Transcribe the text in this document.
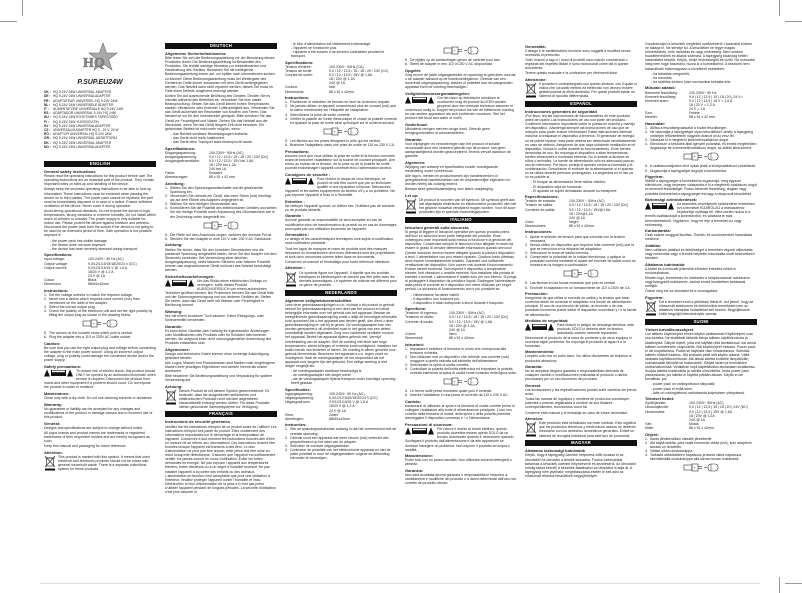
HQ
P.SUP.EU24W
UK : HQ 9-24V 24W UNIVERSAL ADAPTER
DE : HQ 9-24V 24W UNIVERSALADAPTER
FR : ADAPTATEUR UNIVERSEL HQ 9-24V 24W
NL : HQ 9-24V 24W UNIVERSELE ADAPTER
IT :	ALIMENTATORE UNIVERSALE HQ 9-24V 24W
ES : ADAPTADOR UNIVERSAL 9-24V HQ 24W
HU : HQ 9-24V 24W EGYETEMES TÁPEGYSÉG
FI :	HQ 9-24V 24W YLEISSOVITIN
SV : HQ 9-24V 24W UNIVERSALADAPTER
CZ : UNIVERZÁLNÍ ADAPTÉR HQ 9 - 24 V, 24 W
RO : ADAPTOR UNIVERSAL HQ 9-24V 24W
GR : HQ 9-24V 24W UNIVERSAL ΑΝΤΑΠΤΟΡΑΣ
DK : HQ 9-24V 24W UNIVERSAL ADAPTER
NO : HQ 9-24V 24W UNIVERSALADAPTER
ENGLISH
General safety instructions
Please read the operating instructions for this product before use! The operating instructions are an essential part of the product. They contain important notes on start-up and handling of the device.
Always keep the enclosed operating instructions to be able to look up information! These instructions must be enclosed when passing the device on to third parties. The power pack cannot be repaired; the part must be immediately disposed of in case of a defect. Ensure sufficient ventilation of the device. Never cover it during operation.
Avoid strong operational demands. Do not expose the device to high temperatures, strong vibrations or extreme humidity. Do not install within reach of children or animals. The power supply is only suitable for indoor use. Please protect the device against moisture and wetness. Disconnect the power pack from the socket if the device is not going to be used for an extended period of time. Safe operation is not possible anymore if:
- the power pack has visible damage
- the device does not work anymore
- the device has been severely stressed during transport.
Specifications:
Input voltage:	100-240V~ 50 Hz (AC)
Output voltage:	9.0/12/13.5/15/18/20/24 V (DC)
Output current:	9.0/12/13.5/15 V @ 1.6 A
18/20 V @ 1.2 A
24 V @ 1A
Colour:	Black
Dimension:	88x51x42mm
Instructions:
1. Set the voltage selector to match the required voltage.
2. Never use a device which requires more current (mA) than mentioned on the label of the adapter.
3. Select the correct output plug.
4. Check the polarity of the electronic unit and set the right polarity by fitting the output plug as shown in the drawing below.
+	-
5. The arrows on the sockets show which pole is central.
6. Plug the adapter into a 110 or 230V AC outlet socket.
Caution:
Be sure that you use the right output plug and voltage before connecting the adapter to the main power source. Using an incorrect output voltage, plug or polarity could damage the connected device and/or the power supply.
Safety precautions:
To reduce risk of electric shock, this product should ONLY be opened by an authorized technician when service is required. Disconnect the product from mains and other equipment if a problem should occur. Do not expose the product to water or moisture.
Maintenance:
Clean only with a dry cloth. Do not use cleaning solvents or abrasives.
Warranty:
No guarantee or liability can be accepted for any changes and modifications of the product or damage caused due to incorrect use of this product.
General:
Designs and specifications are subject to change without notice.
All logos brands and product names are trademarks or registered trademarks of their respective holders and are hereby recognized as such.
Keep this manual and packaging for future reference.
Attention:
This product is marked with this symbol. It means that used electrical and electronic products should not be mixed with general household waste. There is a separate collections system for these products.
DEUTSCH
Allgemeine Sicherheitshinweise
Bitte lesen Sie sich die Bedienungsanleitung vor der Benutzung dieses Produktes durch! Die Bedienungsanleitung ist Bestandteil des Produktes. Sie enthält wichtige Hinweise zur Inbetriebnahme und Handhabung des Gerätes. Bewahren Sie die beiliegende Bedienungsanleitung immer auf, um später nach Informationen suchen zu können! Diese Bedienungsanleitung muss bei Weitergabe des Gerätes an Dritte immer zusammen mit dem Gerät weitergegeben werden. Das Netzteil kann nicht repariert werden; dieses Teil muss im Falle eines Defekts umgehend entsorgt werden.
Achten Sie auf ausreichende Belüftung des Gerätes. Decken Sie es niemals während des Betriebes ab. Vermeiden Sie eine starke Beanspruchung. Setzen Sie das Gerät keinen hohen Temperaturen, starken Vibrationen oder extremer Luftfeuchtigkeit aus. Verwenden Sie das Gerät außerhalb der Reichweite von Kindern und Tieren. Das Netzteil ist nur für den Innenbereich geeignet. Bitte schützen Sie das Gerät vor Feuchtigkeit und Nässe. Ziehen Sie das Netzteil aus der Steckdose, wenn Sie das Gerät längere Zeit nicht benutzen. Ein gefahrloser Betrieb ist nicht mehr möglich, wenn:
- das Netzteil sichtbare Beschädigungen aufweist,
- das Gerät nicht mehr funktioniert,
- das Gerät beim Transport stark beansprucht wurde.
Spezifikationen:
Eingangsspannung:	100-230V~ 50Hz (AC)
Ausgangsspannung:	9,0 / 12 / 13,5 / 15 / 18 / 20 / 24V (DC)
Ausgangsstromstärke:	9,0 / 12 / 13,5 / 15V bei 1,6A
18 / 20V bei 1,2A
24V bei 1A
Farbe:	Schwarz
Abmessungen:	88 x 51 x 42 mm
Anleitung:
1. Stellen Sie den Spannungswahlschalter auf die gewünschte Spannung ein.
2. Verwenden Sie niemals ein Gerät, das mehr Strom (mA) benötigt, als auf dem Etikett des Adapters angegeben ist.
3. Wählen Sie den richtigen Stromstecker aus.
4. Kontrollieren Sie die Polarität des elektronischen Gerätes und stellen Sie die richtige Polarität durch Anpassung des Stromsteckers wie in der Zeichnung unten dargestellt ein.
+	-
5. Die Pfeile auf dem Anschluss zeigen, welches der zentrale Pol ist.
6. Stecken Sie den Adapter in eine 110 V oder 230 V AC Steckdose.
Achtung:
Stellen Sie sicher, dass Sie den korrekten Stromstecker und die passende Spannung ausgewählt haben, bevor Sie den Adapter mit dem Stromnetz verbinden. Bei Verwendung einer falschen Ausgangsspannung, eines falschen Steckers oder falscher Polarität können das angeschlossene Gerät und/oder das Netzteil beschädigt werden.
Sicherheitsvorkehrungen:
Um das Risiko eines elektrischen Schlags zu verringern, sollte dieses Produkt AUSSCHLIESSLICH von einem autorisierten Techniker geöffnet werden. Bei Problemen trennen Sie das Gerät bitte von der Spannungsversorgung und von anderen Geräten ab. Stellen Sie sicher, dass das Gerät nicht mit Wasser oder Feuchtigkeit in Berührung kommt.
Wartung:
Nur mit einem trockenen Tuch säubern. Keine Reinigungs- oder Scheuermittel verwenden.
Garantie:
Es kann keine Garantie oder Haftung für irgendwelche Änderungen oder Modifikationen des Produkts oder für Schäden übernommen werden, die aufgrund einer nicht ordnungsgemäßen Anwendung des Produkts entstanden sind.
Allgemeines:
Design und technische Daten können ohne vorherige Ankündigung geändert werden.
Alle Logos, Marken und Produktnamen sind Marken oder eingetragene Marken ihrer jeweiligen Eigentümer und werden hiermit als solche anerkannt.
Bitte bewahren Sie Bedienungsanleitung und Verpackung für spätere Verwendung auf.
Achtung:
Dieses Produkt ist mit diesem Symbol gekennzeichnet. Es bedeutet, dass die ausgedienten elektrischen und elektronischen Produkte nicht mit dem allgemeinen Haushaltsmüll entsorgt werden dürfen. Für diese Produkte stehen gesonderte Sammelsysteme zur Verfügung.
FRANÇAIS
Instructions de sécurité générales
Veuillez lire les instructions d'emploi de ce produit avant de l'utiliser! Les instructions d'emploi font partie du produit. Elles contiennent des informations importantes sur le démarrage et la manipulation de l'appareil. Conservez à tout moment les instructions fournies afin d'être en mesure de se référer aux informations! Ces instructions doivent être fournies lorsque l'appareil est transmis à des tiers. Le bloc d'alimentation ne peut pas être réparé; cette pièce doit être mise au rebut lorsqu'elle défectueuse. S'assurer que l'appareil est suffisamment ventilé. Ne jamais couvrir en cours d'utilisation. Éviter les fortes demandes en énergie. Ne pas exposer l'appareil aux températures élevées, fortes vibrations ou à un degré d'humidité excessif. Ne pas installer l'appareil à la portée des enfants ou des animaux. L'alimentation en tension n'est acceptable que pour une utilisation à l'intérieur. Veuillez protéger l'appareil contre l'humidité et l'eau. Débranchez le bloc d'alimentation de la prise s'il n'est pas prévu d'utiliser l'appareil pendant de longues périodes. La sécurité d'utilisation n'est plus assurée si:
- le bloc d'alimentation est visiblement endommagé
- l'appareil ne fonctionne plus
- l'appareil a été soumis à de sévères contraintes pendant le transport.
Spécifications:
Tension d'entrée:	100-230V~ 50Hz (CA)
Tension de sortie:	9,0 / 12 / 13,5 / 15 / 18 / 20 / 24V (CC)
Courant de sortie:	9,0 / 12 / 13,5 / 15V @ 1,6A
18 / 20V @ 1,2A
24V @ 1A
Couleur:	Noir
Dimensions:	88 x 51 x 42mm
Instructions:
1. Positionner le sélecteur de tension en face de la tension requise.
2. Ne jamais utiliser un appareil consommant plus de courant (mA) que la valeur mentionnée sur l'étiquette de l'adaptateur.
3. Sélectionner la prise de sortie correcte.
4. Vérifier la polarité de l'unité électronique et choisir la polarité correcte en ajustant la prise de sortie ainsi qu'indiqué sur le schéma suivant:
+	-
5. Les flèches sur les prises désignent le pôle qui est central.
6. Brancher l'adaptateur dans une prise de sortie de 110 ou 230 V CA.
Précautions:
Assurez-vous que vous utilisez la prise de sortie et la tension correctes avant de brancher l'adaptateur sur la source de courant principale. Une erreur au niveau de la tension, de la prise ou de la polarité de sortie pourrait endommager l'appareil connecté et/ou l'alimentation secteur.
Consignes de sécurité :
Pour réduire le risque de choc électrique, ce produit ne doit être ouvert que par un technicien qualifié si une réparation s'impose. Débranchez l'appareil et les autres équipements du secteur s'il y a un problème. Ne pas exposer l'appareil à l'eau ni à l'humidité.
Entretien :
Ne nettoyer l'appareil qu'avec un chiffon sec. N'utilisez pas de solvants ou de produits abrasifs.
Garantie :
Aucune garantie ou responsabilité ne sera acceptée en cas de modification et/ou de transformation du produit ou en cas de dommages provoqués par une utilisation incorrecte de l'appareil.
Généralités :
Le design et les caractéristiques techniques sont sujets à modification sans notification préalable.
Tous les logos de marques et noms de produits sont des marques déposées ou immatriculées dont leurs détenteurs sont les propriétaires et sont donc reconnues comme telles dans ce documents.
Conservez ce manuel et l'emballage pour toute référence ultérieure.
Attention :
Ce symbole figure sur l'appareil. Il signifie que les produits électriques et électroniques ne doivent pas être jetés avec les déchets domestiques. Le système de collecte est différent pour ce genre de produits.
NEDERLANDS
Algemene veiligheidsvoorschriften
Lees deze gebruiksaanwijzingen a.u.b. voordat u dit product in gebruik neemt! De gebruiksaanwijzing is een deel van het product en bevat belangrijke informatie over het gebruik van het apparaat. Bewaar de meegeleverde gebruiksaanwijzing zodat u altijd de benodigde informatie kunt opzoeken! Als u het apparaat aan derden geeft, dan dient u deze gebruiksaanwijzing er ook bij te geven. De voedingsadapter kan niet worden gerepareerd; dit onderdeel moet in het geval van een defect onmiddellijk worden afgedankt. Zorg voor voldoende ventilatie rondom het apparaat. Bedek het apparaat tijdens gebruik niet. Vermijd overbelasting van de adapter. Stel de voeding niet bloot aan hoge temperaturen, sterke trillingen of extreme luchtvochtigheid. Installeer het buiten bereik van kinderen of dieren. De voeding is alleen geschikt voor gebruik binnenshuis. Bescherm het apparaat a.u.b. tegen vocht en vochtigheid. Haal de voedingsadapter uit het stopcontact als het apparaat voor langere tijd niet gebruikt. Een veilige werking is niet langer mogelijk als:
- de voedingsadapter zichtbaar beschadigd is
- de voedingsadapter niet langer werkt
- als de voedingsadapter tijdens transport onder krachtige spanning heeft gestaan
Specificaties:
Ingangsspanning:	100-240V~ 50 Hz (AC)
Uitgangsspanning:	9,0/12/13,5/15/18/20/24 V (DC)
Uitgangsstroom:	9,0/12/13,5/15 V @ 1,6 A
18/20 V @ 1,2 A
24 V @ 1A
Kleur:	Zwart
Afmetingen:	88x51x42mm
Instructies:
1. Stel de spanningsschakelaar zodanig in dat het overeenkomt met de vereiste spanning.
2. Gebruik nooit een apparaat dat meer stroom (mA) verbruikt dan gespecificeerd op het label van de adapter.
3. Selecteer de correcte uitgangsstekker.
4. Controleer de polariteit van het elektronische apparaat en stel de juiste polariteit in door de uitgangsstekker volgens de afbeelding hieronder te bevestigen.
+	-
5. De pijltjes op de aansluitingen geven de centrale pool aan.
6. Steek de adapter in een 110 of 230 V AC stopcontact.
Opgelet:
Zorg ervoor de juiste uitgangsstekker en spanning te gebruiken voordat u de adapter aansluit op de hoofdvoedingsbron. Gebruik van een incorrecte uitgangsspanning, stekker of polariteit kan het aangesloten apparaat en/of de voeding beschadigen.
Veiligheidsvoorzorgsmaatregelen:
Om het risico op elektrische schokken te voorkomen mag dit product ALLEEN worden geopend door een erkende technicus wanneer er onderhoud nodig is. Koppel het product los van de elektrische voeding en van andere apparatuur als zich problemen voordoen. Stel het product niet bloot aan water of vocht.
Onderhoud:
Uitsluitend reinigen met een droge doek. Gebruik geen reinigingsmiddelen of schuurmiddelen.
Garantie:
Voor wijzigingen en veranderingen aan het product of schade veroorzaakt door een verkeerd gebruik van dit product, kan geen aansprakelijkheid worden geaccepteerd. Tevens vervalt daardoor de garantie.
Algemeen:
Wijziging van ontwerp en specificaties zonder voorafgaande mededeling onder voorbehoud.
Alle logo's, merken en productnamen zijn handelsmerken of geregistreerde handelsmerken van de respectievelijke eigenaren en worden hierbij als zodanig erkend.
Bewaar deze gebruiksaanwijzing voor latere raadpleging.
Let op:
Dit product is voorzien van dit symbool. Dit symbool geeft aan dat afgedankte elektrische en elektronische producten niet met het gewone huisafval verwijderd mogen worden. Voor dit soort producten zijn er speciale inzamelingspunten.
ITALIANO
Istruzioni generali sulla sicurezza
Si prega di leggere le istruzioni operative per questo prodotto prima dell'uso! Le istruzioni sono parte integrante del prodotto. Esse contengono note importanti sulla messa in funzione e la gestione del dispositivo. Conservare sempre le istruzioni d'uso allegate in modo da essere in grado di cercare determinate informazioni quando servono! Queste istruzioni devono essere allegate quando si passa il dispositivo a terzi. L'alimentatore non può essere riparato. Qualora fosse difettoso deve essere immediatamente smaltito. Garantire una sufficiente ventilazione del dispositivo. Non coprire mai durante il funzionamento. Evitare carichi eccessivi. Non esporre il dispositivo a temperature elevate, forti vibrazioni o umidità estrema. Non installare alla portata di bambini o animali. L'alimentatore è adatto solo per uso interno. Si prega di proteggere il dispositivo da umidità e liquidi. Scollegare l'alimentatore dalla presa di corrente se il dispositivo non viene utilizzato per lunghi periodi. La sicurezza di funzionamento non è più possibile se:
- l'alimentatore ha danni visibili;
- il dispositivo non funziona più;
- il dispositivo è stato sottoposto a sforzi durante il trasporto.
Specifiche:
Tensione di ingresso:	100-230V ~ 50Hz (AC)
Tensione di uscita:	9,0 / 12 / 13,5 / 15 / 18 / 20 / 24V (DC)
Corrente di uscita:	9,0 / 12 / 13,5 / 15V @ 1,6A
18 / 20V @ 1,2A
24V @ 1A
Colore:	Nero
Dimensioni:	88 x 51 x 42mm
Istruzioni:
1. Impostare il selettore di tensione in modo che corrisponda alla tensione richiesta.
2. Non utilizzare mai un dispositivo che richiede una corrente (mA) maggiore a quella indicata sull'etichetta dell'alimentatore.
3. Selezionare la spina di uscita corretta.
4. Controllare la polarità dell'unità elettronica ed impostare la polarità corretta inserendo la spina di uscita come mostrato nella figura sotto.
+	-
5. Le frecce sulle prese mostrano quale polo è centrale.
6. Inserire l'adattatore in una presa di corrente da 110 o 230 V AC.
Cautela:
Assicurarsi di utilizzare la spina e la tensione di uscita corrette prima di collegare l'adattatore alla fonte di alimentazione principale. L'uso non corretto della tensione di uscita, della spina o della polarità potrebbe danneggiare il dispositivo connesso e / o l'alimentatore.
Precauzioni di sicurezza:
Per ridurre il rischio di shock elettrico, questo prodotto dovrebbe essere aperto SOLO da un tecnico autorizzato quando è necessario ripararlo. Scollegare il prodotto dall'alimentazione e da altri apparecchi se dovesse insorgere un problema. Non esporre il prodotto ad acqua o umidità.
Manutenzione:
Pulire solo con un panno asciutto. Non utilizzare solventi detergenti o abrasivi.
Garanzia:
Non sarà accettata alcuna garanzia o responsabilità in relazione a cambiamenti e modifiche del prodotto o a danni determinati dall'uso non corretto del prodotto stesso.
Generalità:
Il design e le caratteristiche tecniche sono soggetti a modifica senza necessità di preavviso.
Tutti i marchi a logo e i nomi di prodotti sono marchi commerciali o registrati dei rispettivi titolari e sono riconosciuti come tali in queste documento.
Tenere questo manuale e la confezione per riferimenti futuri.
Attenzione:
Il prodotto è contrassegnato con questo simbolo, con il quale si indica che i prodotti elettrici ed elettronici non devono essere gettati insieme ai rifiuti domestici. Per questi prodotti esiste un sistema di raccolta differenziata.
ESPAÑOL
Instrucciones generales de seguridad
¡Por favor, lea las instrucciones de funcionamiento de este producto antes de usarlo! Las instrucciones de uso son parte del producto. Contienen información importante sobre la puesta en marcha y manejo del dispositivo. ¡Mantenga siempre las instrucciones de uso que se incluyen para poder buscar información! Estas instrucciones deberán incluirse al traspasar el dispositivo a terceros. El generador de energía no se puede reparar; esta parte deberá ser desechada inmediatamente en caso de defecto. Asegúrese de que haya suficiente ventilación en el dispositivo. Nunca lo cubra durante su funcionamiento. Evite fuertes demandas de uso. No exponga el dispositivo a altas temperaturas, fuertes vibraciones o humedad extrema. No lo instale al alcance de niños o animales. La fuente de alimentación sólo es adecuada para su uso en interiores. Por favor, proteja el aparato contra la humedad y la condensación. Desconecte el enchufe de la alimentación si el aparato no se utiliza durante periodos prolongados. La seguridad en el uso ya no es posible si:
- El bloque de alimentación tiene daños visibles;
- El dispositivo deja de funcionar;
- El aparato se sujetó demasiado durante su transporte.
Especificaciones:
Tensión de entrada:	100-230V ~ 50Hz (AC)
Tensión de salida:	9,0 / 12 / 13,5 / 15 / 18 / 20 / 24V (DC)
Corriente de salida:	9,0 / 12 / 13,5 / 15V@1,6A
18 / 20V@1,2A
24V @ 1A
Color:	Negro
Dimensiones:	88 x 51 x 42mm
Instrucciones:
1. Ajuste el selector de tensión para que coincida con la tensión necesaria.
2. Nunca utilice un dispositivo que requiera más corriente (mA) que la que se menciona en la etiqueta del adaptador.
3. Seleccione la toma de salida correcta.
4. Compruebe la polaridad de la unidad electrónica, y aplique la polaridad correcta mediante el ajuste del enchufe de salida como se muestra en la imagen a continuación.
+	-
5. Las flechas en las tomas muestran qué polo es central.
6. Enchufe el adaptador en un tomacorriente de 110 ó 230V de CA.
Precaución:
Asegúrese de que utiliza el enchufe de salida y la tensión que sean correctos antes de conectar el adaptador a la fuente de alimentación principal. El uso de una tensión de salida, un enchufe o de una polaridad incorrecta puede dañar el dispositivo conectado y / o la fuente de alimentación.
Medidas de seguridad:
Para reducir el peligro de descarga eléctrica, este producto SÓLO lo debería abrir un técnico autorizado cuando necesite reparación. Desconecte el producto de la toma de corriente y de otros equipos si ocurriera algún problema. No exponga el producto al agua ni a la humedad.
Mantenimiento:
Límpielo sólo con un paño seco. No utilice disolventes de limpieza ni productos abrasivos.
Garantía:
No se aceptará ninguna garantía o responsabilidad derivada de cualquier cambio o modificaciones realizadas al producto o daños provocados por un uso incorrecto del producto.
General:
Las ilustraciones y las especificaciones podrán sufrir cambios sin previo aviso.
Todas las marcas de logotipos y nombres de productos constituyen patentes o marcas registradas a nombre de sus titulares correspondientes, reconocidos como tal.
Conserve este manual y el embalaje en caso de futura necesidad.
Atención:
Este producto está señalizado con este símbolo. Esto significa que los productos eléctricos y electrónicos usados no deberán mezclarse con los desechos domésticos generales. Existe un sistema de recogida individual para este tipo de productos.
MAGYAR
Általános biztonsági tudnivalók
Kérjük, hogy a tápegység üzembe helyezése előtt olvassa el az útmutatót! Az útmutató a termék tartozéka. Fontos tudnivalókat tartalmaz a készülék üzembe helyezéséről és kezeléséről. Az útmutatót mindig tartsa kéznél! A készülék átadásakor az útmutatót is adja át. A tápegység nem javítható; meghibásodása esetén le kell adni az elhasznált villamos készülékek begyűjtőhelyén.
Gondoskodjon a készülék megfelelő szellőzéséről. Használat közben ne takarja le. Ne terhelje túl. A készüléket ne tegye magas hőmérsékletű, erős rázkódás és nagy nedvesség. Nem szabad hozzáférhetőnek és állatok számára. A tápegység kizárólag beltéri használatra készült. Kérjük, védje nedvességtől és víztől. Ha hosszabb ideig nem fogja használni, húzza ki a konnektorból. A készülék nem használható biztonságosan a következő esetekben:
- ha láthatóan megsérült,
- ha elromlott,
- ha szállítás közben túlzó mechanikai behatás érte.
Műszaki adatok:
Bemeneti feszültség:	100-230V~ 50 Hz
Kimeneti feszültség:	9,0 | 12 | 13,5 | 15 | 18 | 20 | 24 V=
Kimeneti áram:	9,0 | 12 | 13,5 | 15 V = 1,6 A
18 | 20 V = 1,2 A
24 V = 1 A
Szín:	Fekete
Méretei:	88 x 51 x 42 mm
Használat:
1. Állítsa a feszültségválasztót a kívánt feszültségre.
2. Ne használja a tápegységet olyan készülékkel, amely a tápegység címkéjén feltüntetettnél nagyobb áramot (mA) vesz fel.
3. Válassza ki a megfelelő kimeneti/csatlakozó dugót.
4. Ellenőrizze a készülék által igényelt polaritást, és ennek megfelelően dugaszolja be a kimeneti/csatlakozó dugót, az alábbi ábra szerint.
+	-
5. A csatlakozóaljzaton lévő nyilak jelzik a középcsatlakozó polaritását.
6. Dugaszolja a tápegységet dugóját a konnektorba.
Figyelem:
Mielőtt a tápegységet a konnektorba dugaszolja, még egyszer ellenőrizze, hogy helyesen választotta-e ki a megfelelő csatlakozó dugót és kimeneti feszültséget. Rossz kimeneti feszültség, dugasz vagy polaritás tönkreteheti a tápegységet és/vagy a rákapcsolt készüléket.
Biztonsági óvintézkedések:
Az áramütés veszélyének csökkentése érdekében ezt a terméket KIZÁRÓLAG a márkaszerviz képviselője nyithatja fel. Hiba esetén húzza ki a termék csatlakozóját a konnektorból, és válassza le más berendezésekről. Vigyázzon, hogy ne érje a terméket víz vagy nedvesség.
Karbantartás:
Csak száraz ronggyal tisztítsa. Tisztító- és súrolószereket használata mellőzve.
Jótállás:
Nem vállalunk jótállást és felelősséget a terméken végzett változtatás vagy módosítás vagy a termék helytelen használata miatt bekövetkező károkért.
Általános tudnivalók:
A kivitel és a műszaki jellemzők előzetes értesítés nélkül is módosulhatnak.
Minden logó, termékmév és márkanév a tulajdonosának márkaneve vagy bejegyzett márkaneve, azokat ennek tiszteletben tartásával említjük.
Őrizze meg ezt az útmutatót és a csomagolást.
Figyelem:
Ezt a terméket ezzel a jelöléssel láttuk el. Azt jelenti, hogy az elhasznált elektromos és elektronikus termékeket nem az általános háztartási hulladékkal kell kezelni. Begyűjtésükre külön begyűjtő létesítmények vannak.
SUOMI
Yleiset turvallisuusohjeet
Lue laitteen käyttöohjeet ennen käytön aloittamista! Käyttöohjeet ovat osa tuotetta. Ne sisältävät tärkeitä tietoja laitteen käyttöönotosta ja käsittelystä. Säilytä ohjeet, jotta voit käyttää niitä tarvittaessa! Jos annat laitteen kolmannelle osapuolelle, liitä käyttöohjeet mukaan. Power pack ei ole korjattavissa. Poista se käytöstä viian ilmaantuessa. Varmista laitteen riittävä tuuletus. Älä koskaan peitä sitä käytön aikana. Vältä raskasta käyttökuormitusta. Älä altista laitetta korkeille lämpötiloille, voimakkaalle tärinälle tai kosteudelle. Säilytä lasten ja lemmikkien ulottumattomissa. Virtalähde sopii käytettäväksi ainoastaan sisätiloissa. Suojaa laitetta kosteudelta ja märkiä olosuhteilta. Irrota power pack pistorasiasta, jos laitetta ei käytetä pitkään aikaan. Käyttö ei ole turvallista, jos:
- power pack on vahingoittunut näkyvästi;
- power pack ei enää toimi;
- laite on vahingoittunut rasituksesta kuljetuksen yhteydessä.
Tekniset tiedot:
Syöttöjännite:	100-230V~ 50Hz (AC)
Ulostulojännite:	9,0 | 12 | 13,5 | 15 | 18 | 20 | 24V (DC)
Ulostulovirta:	9,0 | 12 | 13,5 | 15V @ 1,6A
18 | 20V @ 1,2A
24V @ 1A
Väri:	Musta
Mitat:	88 x 51 x 42mm
Ohjeet:
1. Aseta jännitevalitsin oikealle jännitteelle.
2. Älä käytä laitetta, joka vaatii enemmän virtaa (mA), kuin adapterin tarraan on ilmoitettu.
3. Valitse oikea ulostulotulppa.
4. Tarkasta sähkölaitteen napaisuus ja aseta oikea napaisuus kiinnittämällä ulostulotulppa alla olevan kuvan mukaisesti.
+	-
